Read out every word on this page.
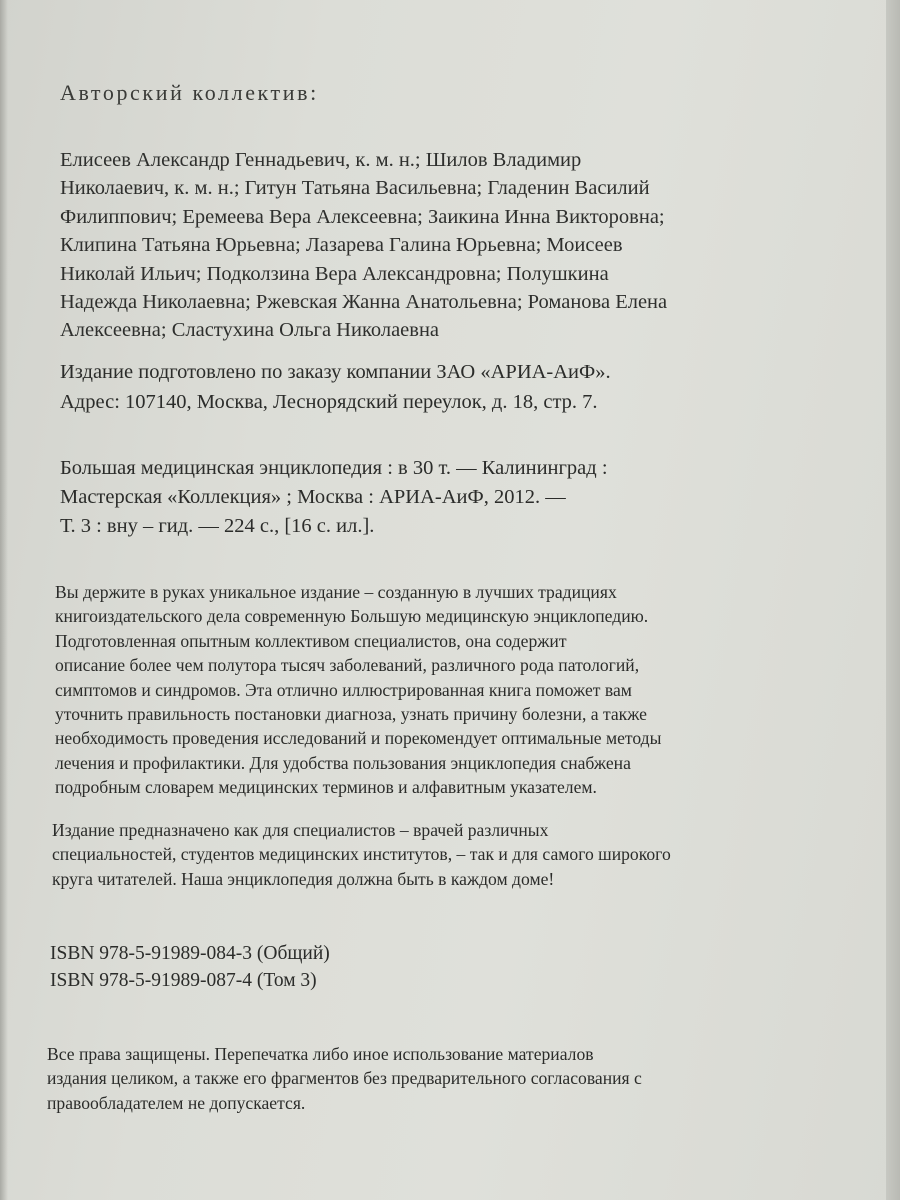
Авторский коллектив:
Елисеев Александр Геннадьевич, к. м. н.; Шилов Владимир
Николаевич, к. м. н.; Гитун Татьяна Васильевна; Гладенин Василий
Филиппович; Еремеева Вера Алексеевна; Заикина Инна Викторовна;
Клипина Татьяна Юрьевна; Лазарева Галина Юрьевна; Моисеев
Николай Ильич; Подколзина Вера Александровна; Полушкина
Надежда Николаевна; Ржевская Жанна Анатольевна; Романова Елена
Алексеевна; Сластухина Ольга Николаевна
Издание подготовлено по заказу компании ЗАО «АРИА-АиФ».
Адрес: 107140, Москва, Леснорядский переулок, д. 18, стр. 7.
Большая медицинская энциклопедия : в 30 т. — Калининград :
Мастерская «Коллекция» ; Москва : АРИА-АиФ, 2012. —
Т. 3 : вну – гид. — 224 с., [16 с. ил.].
Вы держите в руках уникальное издание – созданную в лучших традициях
книгоиздательского дела современную Большую медицинскую энциклопедию.
Подготовленная опытным коллективом специалистов, она содержит
описание более чем полутора тысяч заболеваний, различного рода патологий,
симптомов и синдромов. Эта отлично иллюстрированная книга поможет вам
уточнить правильность постановки диагноза, узнать причину болезни, а также
необходимость проведения исследований и порекомендует оптимальные методы
лечения и профилактики. Для удобства пользования энциклопедия снабжена
подробным словарем медицинских терминов и алфавитным указателем.
Издание предназначено как для специалистов – врачей различных
специальностей, студентов медицинских институтов, – так и для самого широкого
круга читателей. Наша энциклопедия должна быть в каждом доме!
ISBN 978-5-91989-084-3 (Общий)
ISBN 978-5-91989-087-4 (Том 3)
Все права защищены. Перепечатка либо иное использование материалов
издания целиком, а также его фрагментов без предварительного согласования с
правообладателем не допускается.
